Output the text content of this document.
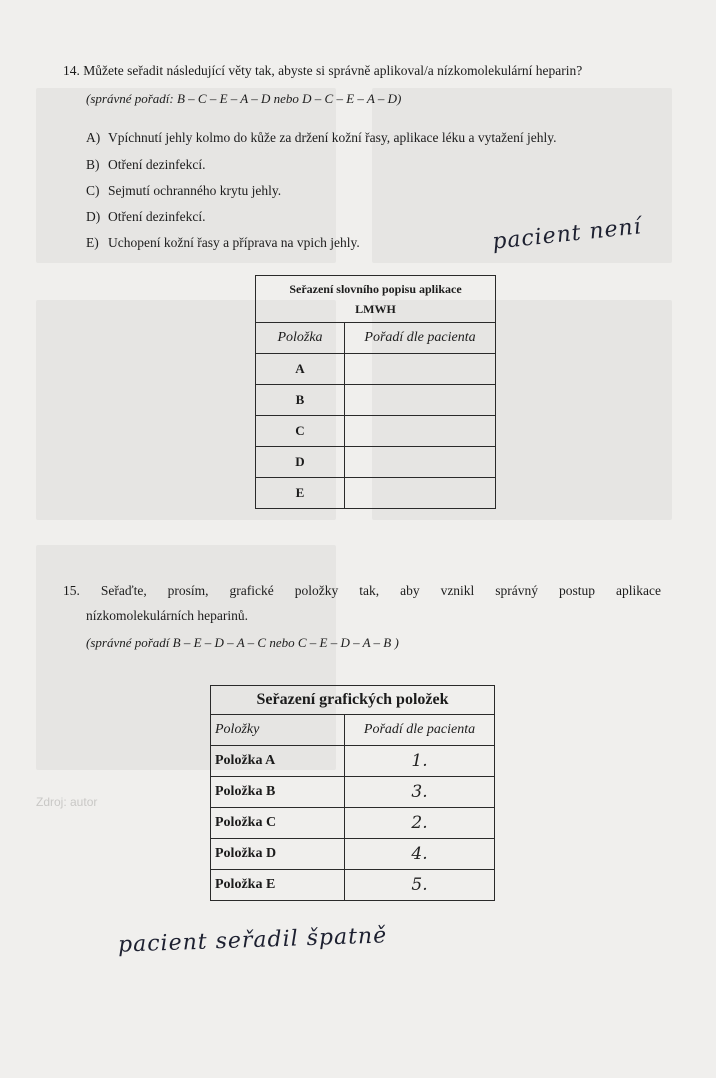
Zdroj: autor
14. Můžete seřadit následující věty tak, abyste si správně aplikoval/a nízkomolekulární heparin?
(správné pořadí: B – C – E – A – D nebo D – C – E – A – D)
A) Vpíchnutí jehly kolmo do kůže za držení kožní řasy, aplikace léku a vytažení jehly.
B) Otření dezinfekcí.
C) Sejmutí ochranného krytu jehly.
D) Otření dezinfekcí.
E) Uchopení kožní řasy a příprava na vpich jehly.	pacient není
Seřazení slovního popisu aplikace
LMWH	

Položka	Pořadí dle pacienta
A	
B	
C	
D	
E	
15. Seřaďte, prosím, grafické položky tak, aby vznikl správný postup aplikace
nízkomolekulárních heparinů.
(správné pořadí B – E – D – A – C nebo C – E – D – A – B )
Seřazení grafických položek	
Položky	Pořadí dle pacienta
Položka A	1.
Položka B	3.
Položka C	2.
Položka D	4.
Položka E	5.
pacient seřadil špatně
